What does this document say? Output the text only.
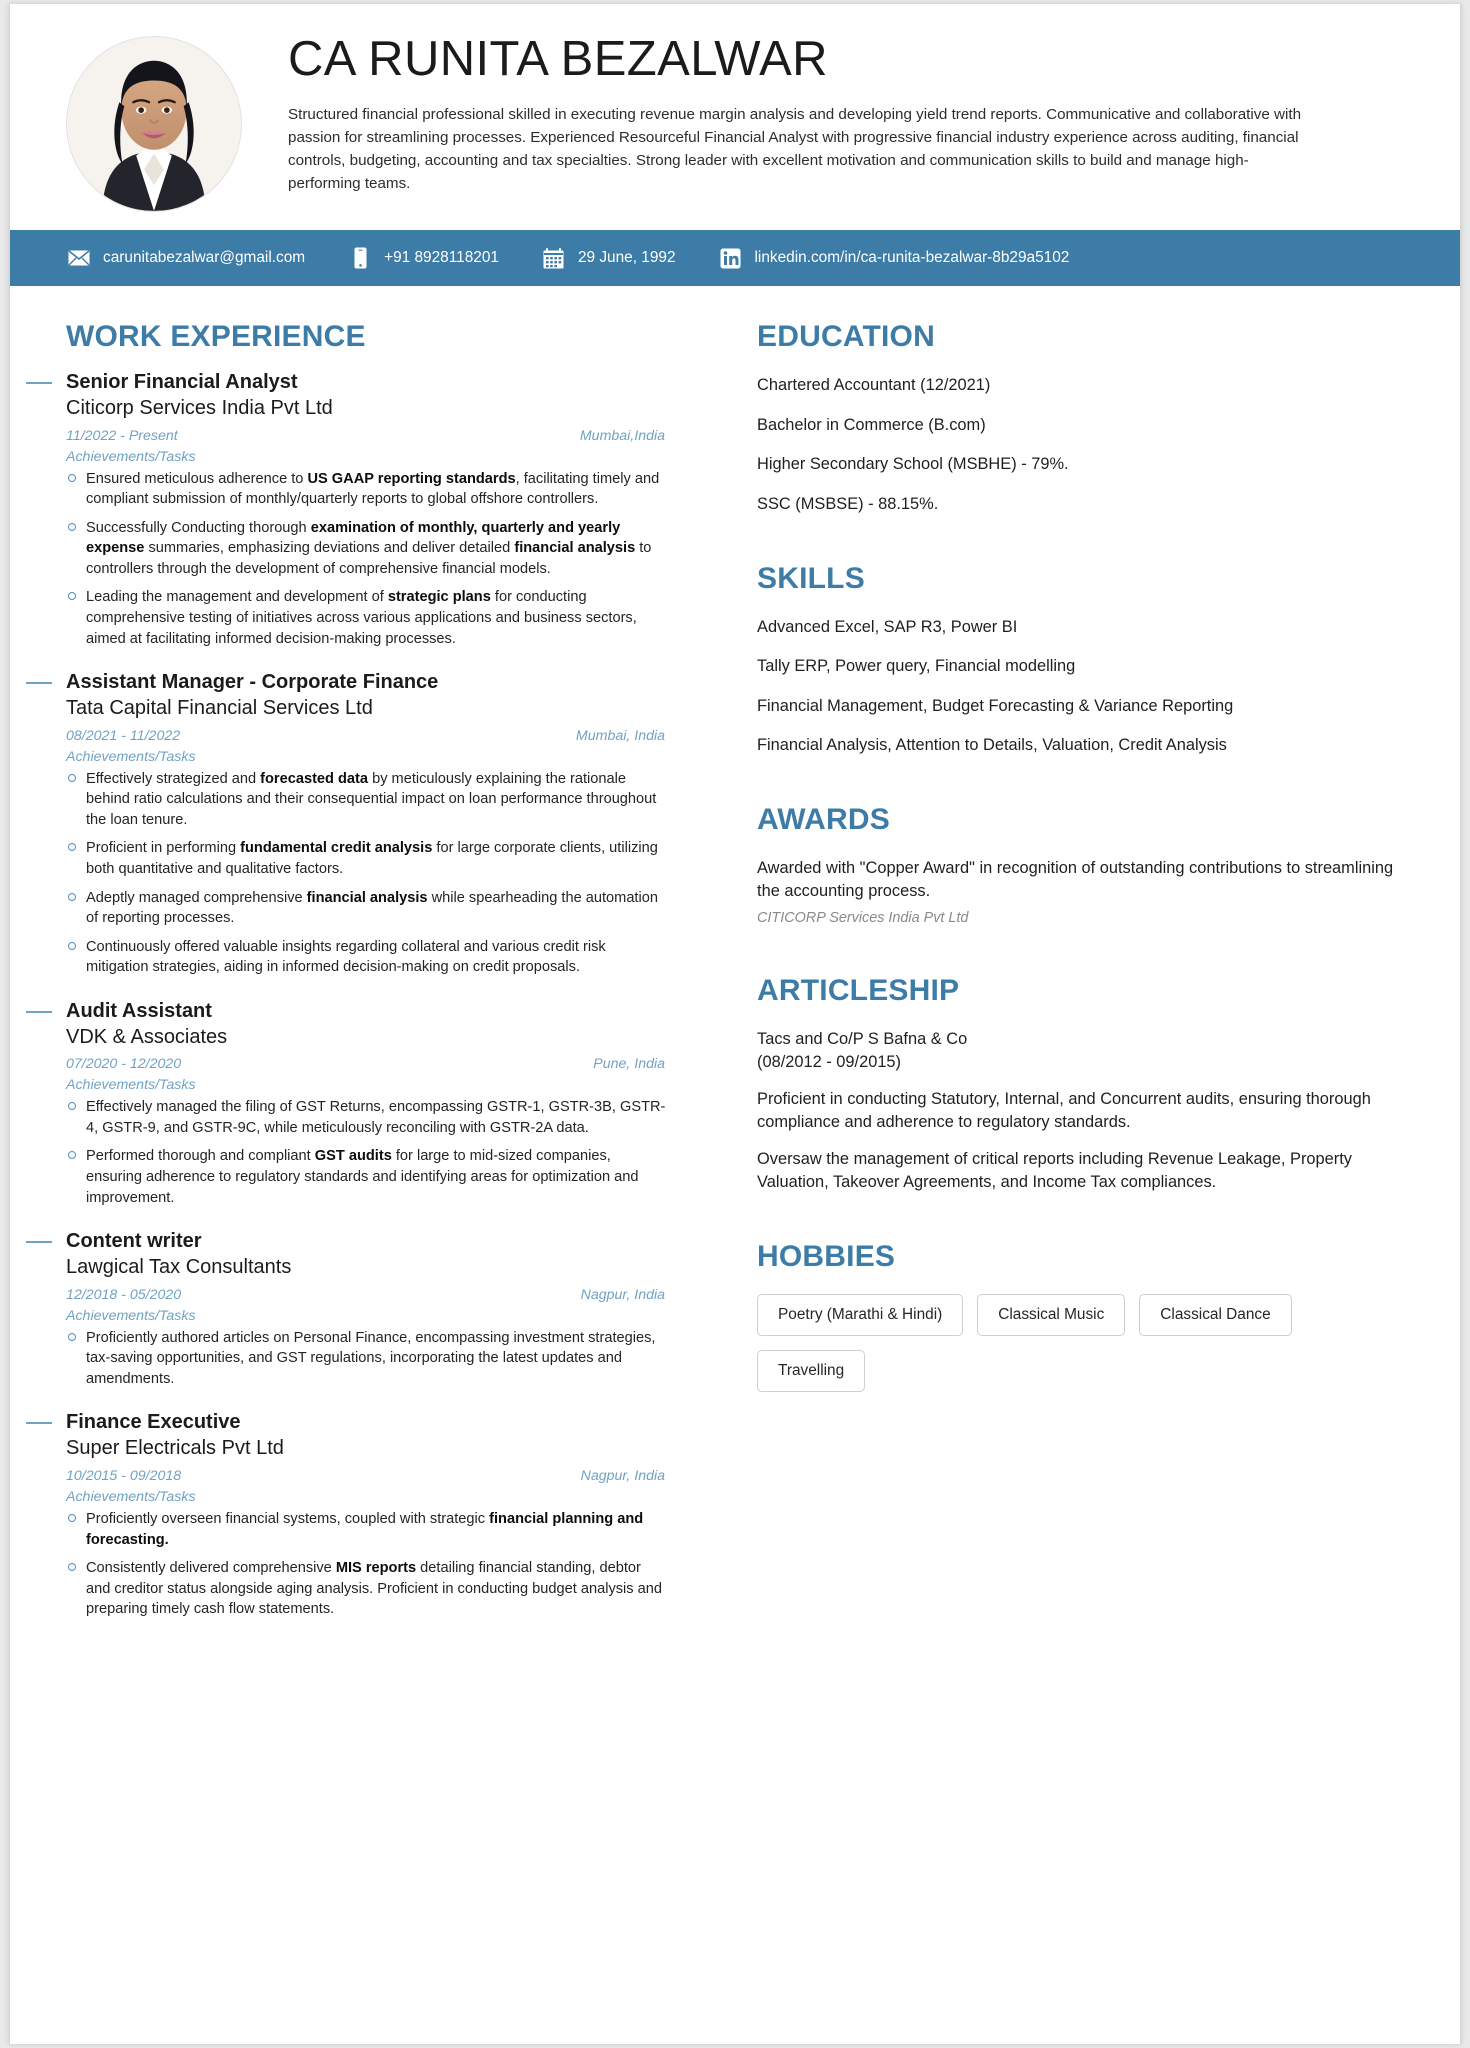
CA RUNITA BEZALWAR
Structured financial professional skilled in executing revenue margin analysis and developing yield trend reports. Communicative and collaborative with passion for streamlining processes. Experienced Resourceful Financial Analyst with progressive financial industry experience across auditing, financial controls, budgeting, accounting and tax specialties. Strong leader with excellent motivation and communication skills to build and manage high-performing teams.
carunitabezalwar@gmail.com	+91 8928118201	29 June, 1992	linkedin.com/in/ca-runita-bezalwar-8b29a5102
WORK EXPERIENCE
Senior Financial Analyst
Citicorp Services India Pvt Ltd
11/2022 - Present	Mumbai,India
Achievements/Tasks
Ensured meticulous adherence to US GAAP reporting standards, facilitating timely and compliant submission of monthly/quarterly reports to global offshore controllers.
Successfully Conducting thorough examination of monthly, quarterly and yearly expense summaries, emphasizing deviations and deliver detailed financial analysis to controllers through the development of comprehensive financial models.
Leading the management and development of strategic plans for conducting comprehensive testing of initiatives across various applications and business sectors, aimed at facilitating informed decision-making processes.
Assistant Manager - Corporate Finance
Tata Capital Financial Services Ltd
08/2021 - 11/2022	Mumbai, India
Achievements/Tasks
Effectively strategized and forecasted data by meticulously explaining the rationale behind ratio calculations and their consequential impact on loan performance throughout the loan tenure.
Proficient in performing fundamental credit analysis for large corporate clients, utilizing both quantitative and qualitative factors.
Adeptly managed comprehensive financial analysis while spearheading the automation of reporting processes.
Continuously offered valuable insights regarding collateral and various credit risk mitigation strategies, aiding in informed decision-making on credit proposals.
Audit Assistant
VDK & Associates
07/2020 - 12/2020	Pune, India
Achievements/Tasks
Effectively managed the filing of GST Returns, encompassing GSTR-1, GSTR-3B, GSTR-4, GSTR-9, and GSTR-9C, while meticulously reconciling with GSTR-2A data.
Performed thorough and compliant GST audits for large to mid-sized companies, ensuring adherence to regulatory standards and identifying areas for optimization and improvement.
Content writer
Lawgical Tax Consultants
12/2018 - 05/2020	Nagpur, India
Achievements/Tasks
Proficiently authored articles on Personal Finance, encompassing investment strategies, tax-saving opportunities, and GST regulations, incorporating the latest updates and amendments.
Finance Executive
Super Electricals Pvt Ltd
10/2015 - 09/2018	Nagpur, India
Achievements/Tasks
Proficiently overseen financial systems, coupled with strategic financial planning and forecasting.
Consistently delivered comprehensive MIS reports detailing financial standing, debtor and creditor status alongside aging analysis. Proficient in conducting budget analysis and preparing timely cash flow statements.
EDUCATION
Chartered Accountant (12/2021)
Bachelor in Commerce (B.com)
Higher Secondary School (MSBHE) - 79%.
SSC (MSBSE) - 88.15%.
SKILLS
Advanced Excel, SAP R3, Power BI
Tally ERP, Power query, Financial modelling
Financial Management, Budget Forecasting & Variance Reporting
Financial Analysis, Attention to Details, Valuation, Credit Analysis
AWARDS
Awarded with "Copper Award" in recognition of outstanding contributions to streamlining the accounting process.
CITICORP Services India Pvt Ltd
ARTICLESHIP
Tacs and Co/P S Bafna & Co
(08/2012 - 09/2015)
Proficient in conducting Statutory, Internal, and Concurrent audits, ensuring thorough compliance and adherence to regulatory standards.
Oversaw the management of critical reports including Revenue Leakage, Property Valuation, Takeover Agreements, and Income Tax compliances.
HOBBIES
Poetry (Marathi & Hindi)	Classical Music	Classical Dance
Travelling
